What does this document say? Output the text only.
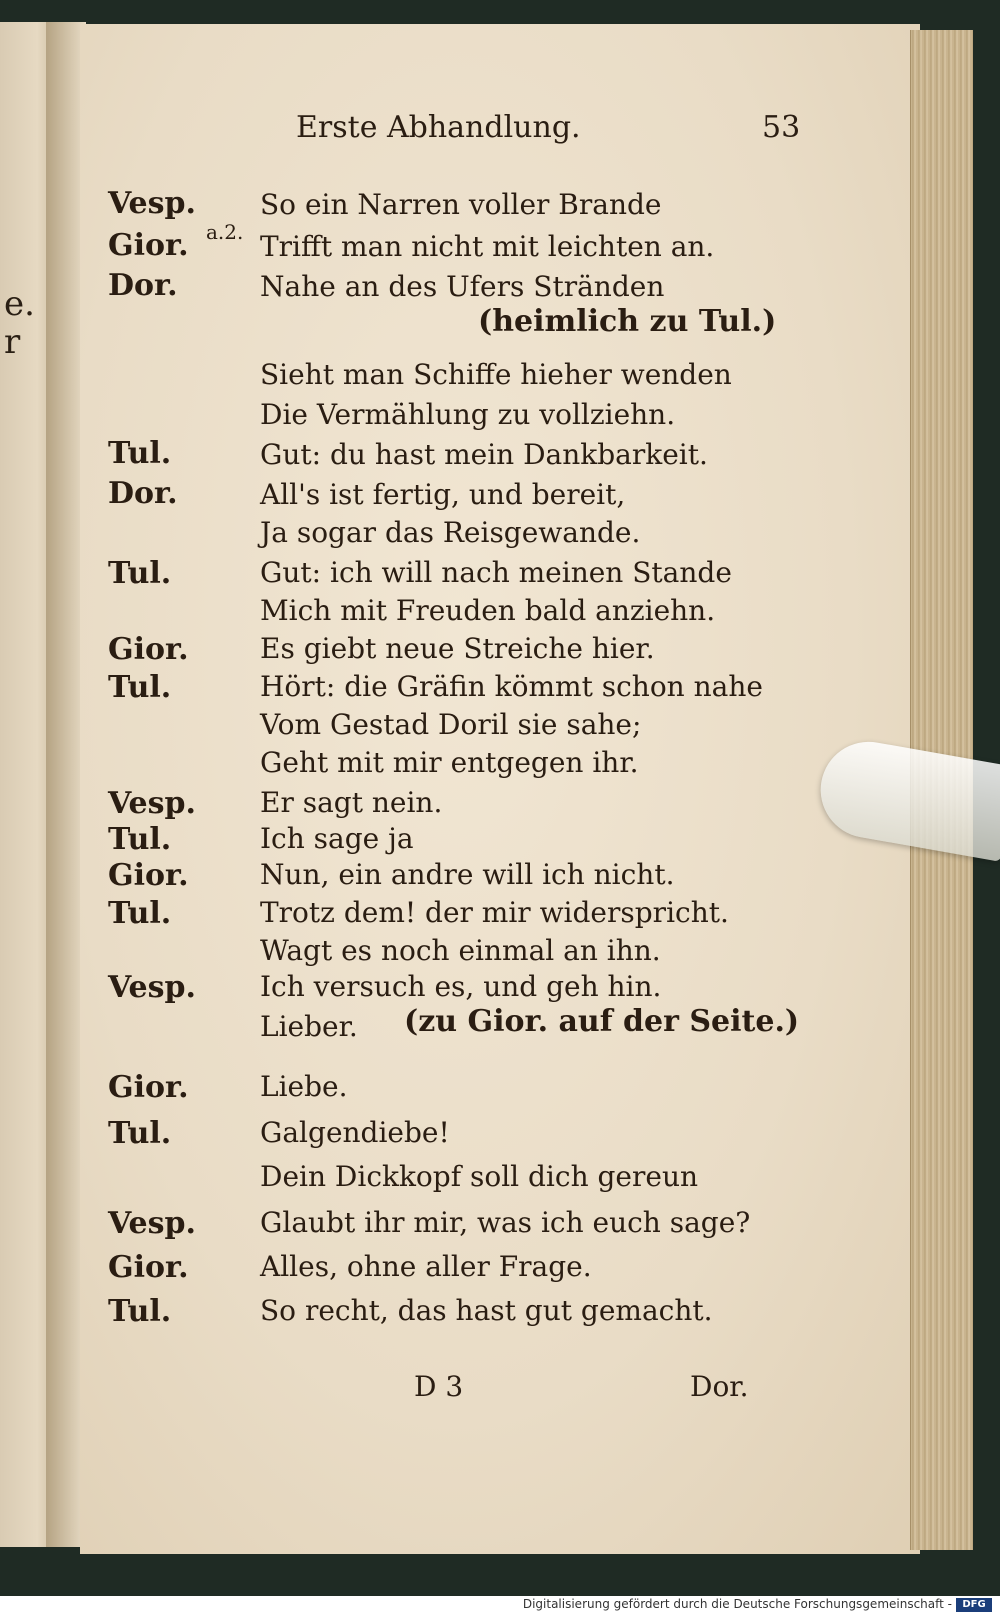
e.
r
Erste Abhandlung.	53
Vesp. So ein Narren voller Brande
Gior. a.2. Trifft man nicht mit leichten an.
Dor.	Nahe an des Ufers Stränden
(heimlich zu Tul.)
Sieht man Schiffe hieher wenden
Die Vermählung zu vollziehn.
Tul.	Gut: du hast mein Dankbarkeit.
Dor.	All's ist fertig, und bereit,
Ja sogar das Reisgewande.
Tul.	Gut: ich will nach meinen Stande
Mich mit Freuden bald anziehn.
Gior.	Es giebt neue Streiche hier.
Tul.	Hört: die Gräfin kömmt schon nahe
Vom Gestad Doril sie sahe;
Geht mit mir entgegen ihr.
Vesp. Er sagt nein.
Tul.	Ich sage ja
Gior.	Nun, ein andre will ich nicht.
Tul.	Trotz dem! der mir widerspricht.
Wagt es noch einmal an ihn.
Vesp. Ich versuch es, und geh hin.
Lieber. (zu Gior. auf der Seite.)
Gior.	Liebe.
Tul.	Galgendiebe!
Dein Dickkopf soll dich gereun
Vesp. Glaubt ihr mir, was ich euch sage?
Gior.	Alles, ohne aller Frage.
Tul.	So recht, das hast gut gemacht.
D 3	Dor.
Digitalisierung gefördert durch die Deutsche Forschungsgemeinschaft -	DFG
